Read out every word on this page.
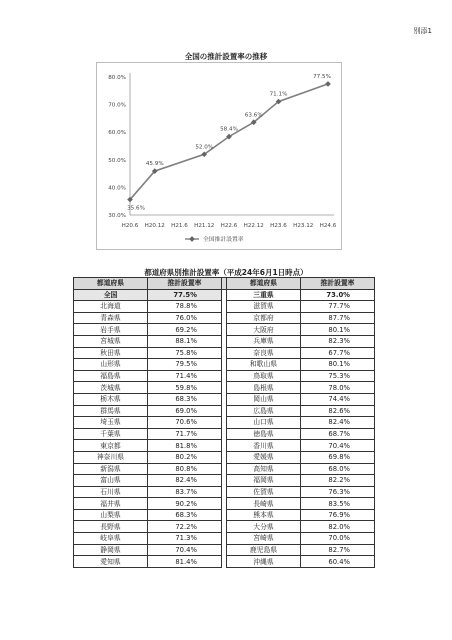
別添1
全国の推計設置率の推移
30.0%
40.0%
50.0%
60.0%
70.0%
80.0%
H20.6 H20.12 H21.6 H21.12 H22.6 H22.12 H23.6 H23.12 H24.6
35.6%
45.9%
52.0%
58.4%
63.6%
71.1%
77.5%
全国推計設置率
都道府県別推計設置率（平成24年6月1日時点）
都道府県	推計設置率		都道府県	推計設置率
全国	77.5%		三重県	73.0%
北海道	78.8%		滋賀県	77.7%
青森県	76.0%		京都府	87.7%
岩手県	69.2%		大阪府	80.1%
宮城県	88.1%		兵庫県	82.3%
秋田県	75.8%		奈良県	67.7%
山形県	79.5%		和歌山県	80.1%
福島県	71.4%		鳥取県	75.3%
茨城県	59.8%		島根県	78.0%
栃木県	68.3%		岡山県	74.4%
群馬県	69.0%		広島県	82.6%
埼玉県	70.6%		山口県	82.4%
千葉県	71.7%		徳島県	68.7%
東京都	81.8%		香川県	70.4%
神奈川県	80.2%		愛媛県	69.8%
新潟県	80.8%		高知県	68.0%
富山県	82.4%		福岡県	82.2%
石川県	83.7%		佐賀県	76.3%
福井県	90.2%		長崎県	83.5%
山梨県	68.3%		熊本県	76.9%
長野県	72.2%		大分県	82.0%
岐阜県	71.3%		宮崎県	70.0%
静岡県	70.4%		鹿児島県	82.7%
愛知県	81.4%		沖縄県	60.4%
